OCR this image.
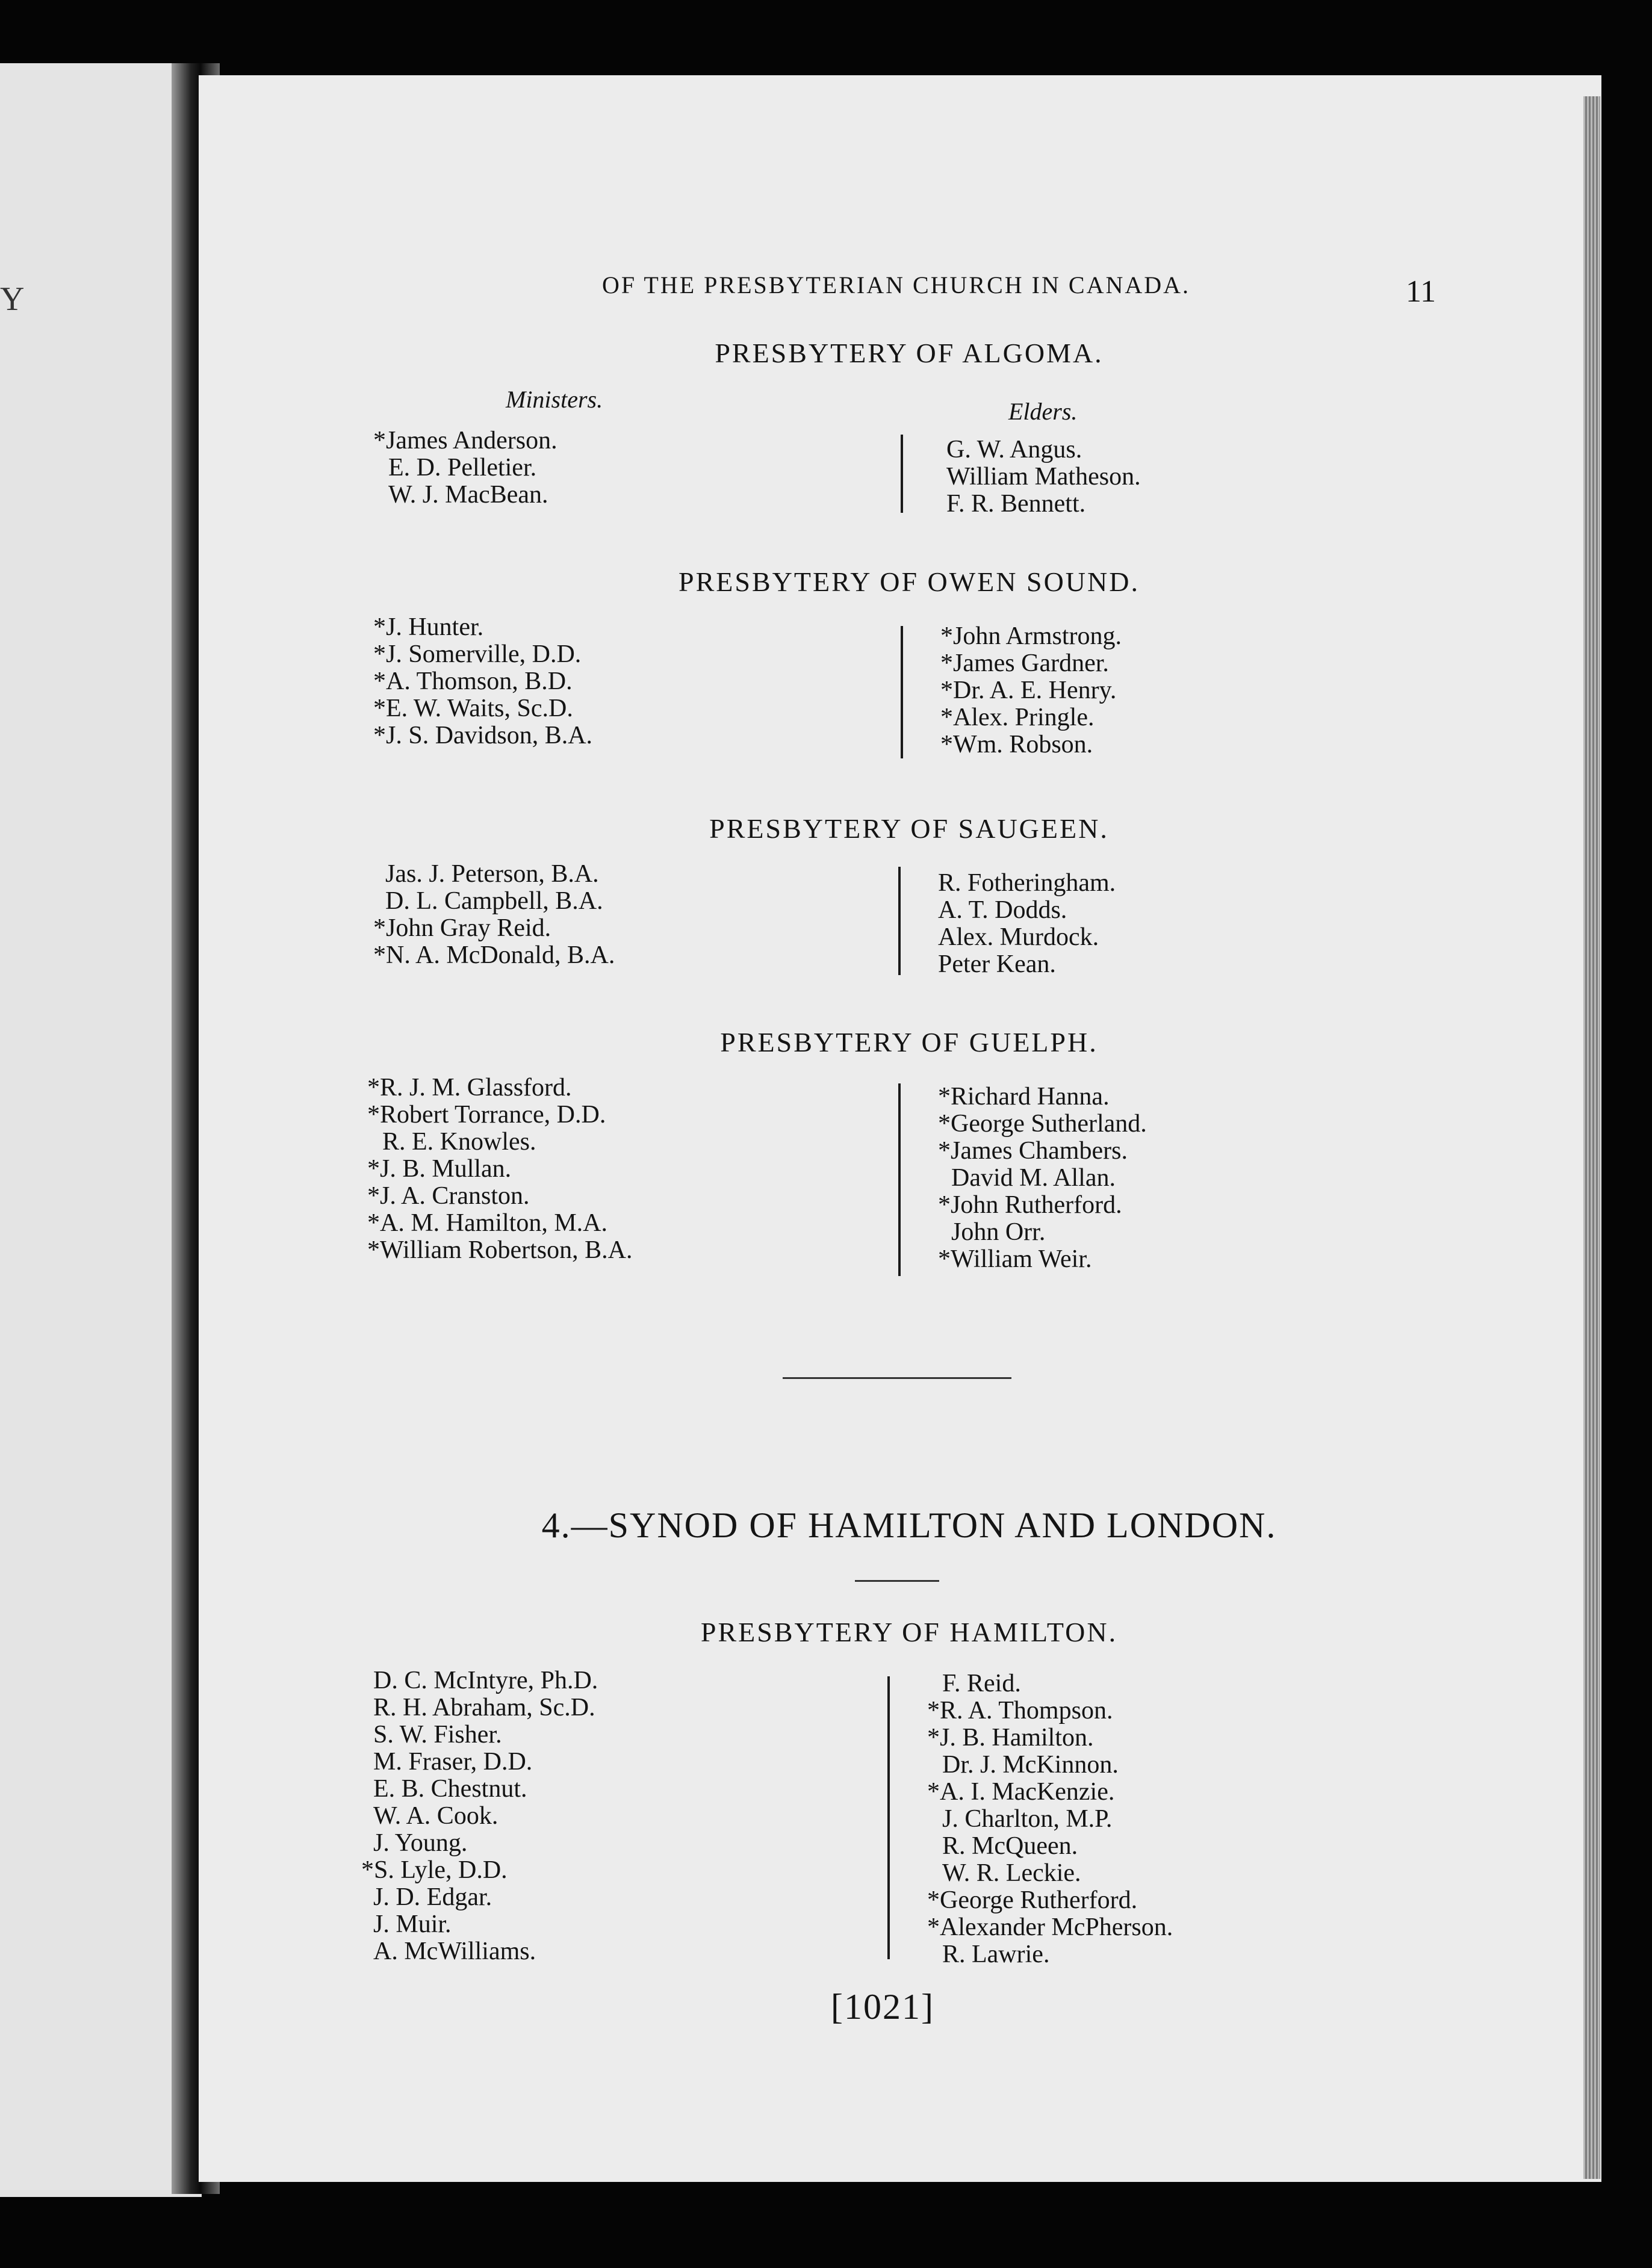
Y	OF THE PRESBYTERIAN CHURCH IN CANADA.	11
PRESBYTERY OF ALGOMA.
Ministers.	Elders.
*James Anderson.
E. D. Pelletier.
W. J. MacBean.
G. W. Angus.
William Matheson.
F. R. Bennett.
PRESBYTERY OF OWEN SOUND.
*J. Hunter.
*J. Somerville, D.D.
*A. Thomson, B.D.
*E. W. Waits, Sc.D.
*J. S. Davidson, B.A.
*John Armstrong.
*James Gardner.
*Dr. A. E. Henry.
*Alex. Pringle.
*Wm. Robson.
PRESBYTERY OF SAUGEEN.
Jas. J. Peterson, B.A.
D. L. Campbell, B.A.
*John Gray Reid.
*N. A. McDonald, B.A.
R. Fotheringham.
A. T. Dodds.
Alex. Murdock.
Peter Kean.
PRESBYTERY OF GUELPH.
*R. J. M. Glassford.
*Robert Torrance, D.D.
R. E. Knowles.
*J. B. Mullan.
*J. A. Cranston.
*A. M. Hamilton, M.A.
*William Robertson, B.A.
*Richard Hanna.
*George Sutherland.
*James Chambers.
David M. Allan.
*John Rutherford.
John Orr.
*William Weir.
4.—SYNOD OF HAMILTON AND LONDON.
PRESBYTERY OF HAMILTON.
D. C. McIntyre, Ph.D.
R. H. Abraham, Sc.D.
S. W. Fisher.
M. Fraser, D.D.
E. B. Chestnut.
W. A. Cook.
J. Young.
*S. Lyle, D.D.
J. D. Edgar.
J. Muir.
A. McWilliams.
F. Reid.
*R. A. Thompson.
*J. B. Hamilton.
Dr. J. McKinnon.
*A. I. MacKenzie.
J. Charlton, M.P.
R. McQueen.
W. R. Leckie.
*George Rutherford.
*Alexander McPherson.
R. Lawrie.
[1021]
